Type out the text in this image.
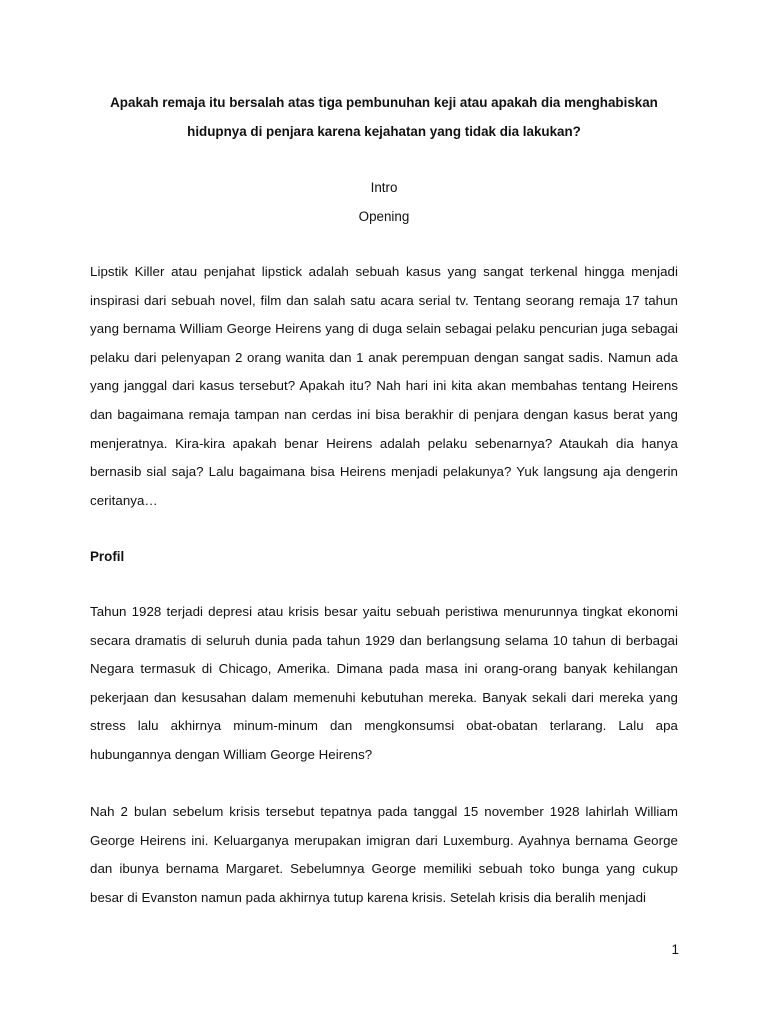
Apakah remaja itu bersalah atas tiga pembunuhan keji atau apakah dia menghabiskan
hidupnya di penjara karena kejahatan yang tidak dia lakukan?
Intro
Opening

Lipstik Killer atau penjahat lipstick adalah sebuah kasus yang sangat terkenal hingga menjadi inspirasi dari sebuah novel, film dan salah satu acara serial tv. Tentang seorang remaja 17 tahun yang bernama William George Heirens yang di duga selain sebagai pelaku pencurian juga sebagai pelaku dari pelenyapan 2 orang wanita dan 1 anak perempuan dengan sangat sadis. Namun ada yang janggal dari kasus tersebut? Apakah itu? Nah hari ini kita akan membahas tentang Heirens dan bagaimana remaja tampan nan cerdas ini bisa berakhir di penjara dengan kasus berat yang menjeratnya. Kira-kira apakah benar Heirens adalah pelaku sebenarnya? Ataukah dia hanya bernasib sial saja? Lalu bagaimana bisa Heirens menjadi pelakunya? Yuk langsung aja dengerin ceritanya…

Profil

Tahun 1928 terjadi depresi atau krisis besar yaitu sebuah peristiwa menurunnya tingkat ekonomi secara dramatis di seluruh dunia pada tahun 1929 dan berlangsung selama 10 tahun di berbagai Negara termasuk di Chicago, Amerika. Dimana pada masa ini orang-orang banyak kehilangan pekerjaan dan kesusahan dalam memenuhi kebutuhan mereka. Banyak sekali dari mereka yang stress lalu akhirnya minum-minum dan mengkonsumsi obat-obatan terlarang. Lalu apa hubungannya dengan William George Heirens?

Nah 2 bulan sebelum krisis tersebut tepatnya pada tanggal 15 november 1928 lahirlah William George Heirens ini. Keluarganya merupakan imigran dari Luxemburg. Ayahnya bernama George dan ibunya bernama Margaret. Sebelumnya George memiliki sebuah toko bunga yang cukup besar di Evanston namun pada akhirnya tutup karena krisis. Setelah krisis dia beralih menjadi

1
